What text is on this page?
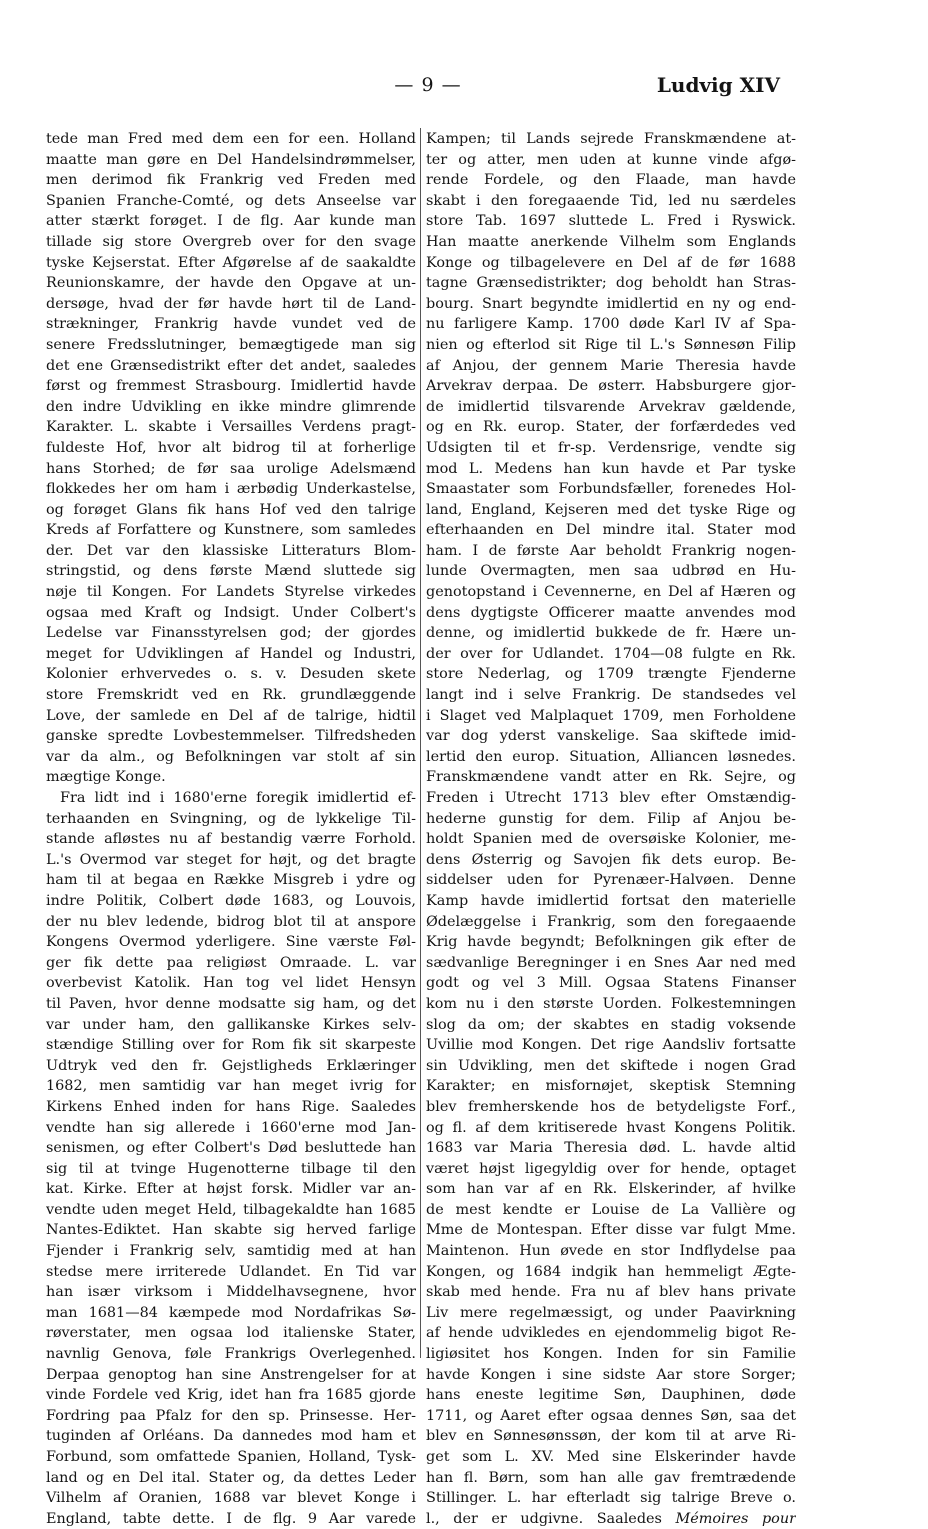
— 9 —	Ludvig XIV
tede man Fred med dem een for een. Holland
maatte man gøre en Del Handelsindrømmelser,
men derimod fik Frankrig ved Freden med
Spanien Franche-Comté, og dets Anseelse var
atter stærkt forøget. I de flg. Aar kunde man
tillade sig store Overgreb over for den svage
tyske Kejserstat. Efter Afgørelse af de saakaldte
Reunionskamre, der havde den Opgave at un-
dersøge, hvad der før havde hørt til de Land-
strækninger, Frankrig havde vundet ved de
senere Fredsslutninger, bemægtigede man sig
det ene Grænsedistrikt efter det andet, saaledes
først og fremmest Strasbourg. Imidlertid havde
den indre Udvikling en ikke mindre glimrende
Karakter. L. skabte i Versailles Verdens pragt-
fuldeste Hof, hvor alt bidrog til at forherlige
hans Storhed; de før saa urolige Adelsmænd
flokkedes her om ham i ærbødig Underkastelse,
og forøget Glans fik hans Hof ved den talrige
Kreds af Forfattere og Kunstnere, som samledes
der. Det var den klassiske Litteraturs Blom-
stringstid, og dens første Mænd sluttede sig
nøje til Kongen. For Landets Styrelse virkedes
ogsaa med Kraft og Indsigt. Under Colbert's
Ledelse var Finansstyrelsen god; der gjordes
meget for Udviklingen af Handel og Industri,
Kolonier erhvervedes o. s. v. Desuden skete
store Fremskridt ved en Rk. grundlæggende
Love, der samlede en Del af de talrige, hidtil
ganske spredte Lovbestemmelser. Tilfredsheden
var da alm., og Befolkningen var stolt af sin
mægtige Konge.
Fra lidt ind i 1680'erne foregik imidlertid ef-
terhaanden en Svingning, og de lykkelige Til-
stande afløstes nu af bestandig værre Forhold.
L.'s Overmod var steget for højt, og det bragte
ham til at begaa en Række Misgreb i ydre og
indre Politik, Colbert døde 1683, og Louvois,
der nu blev ledende, bidrog blot til at anspore
Kongens Overmod yderligere. Sine værste Føl-
ger fik dette paa religiøst Omraade. L. var
overbevist Katolik. Han tog vel lidet Hensyn
til Paven, hvor denne modsatte sig ham, og det
var under ham, den gallikanske Kirkes selv-
stændige Stilling over for Rom fik sit skarpeste
Udtryk ved den fr. Gejstligheds Erklæringer
1682, men samtidig var han meget ivrig for
Kirkens Enhed inden for hans Rige. Saaledes
vendte han sig allerede i 1660'erne mod Jan-
senismen, og efter Colbert's Død besluttede han
sig til at tvinge Hugenotterne tilbage til den
kat. Kirke. Efter at højst forsk. Midler var an-
vendte uden meget Held, tilbagekaldte han 1685
Nantes-Ediktet. Han skabte sig herved farlige
Fjender i Frankrig selv, samtidig med at han
stedse mere irriterede Udlandet. En Tid var
han især virksom i Middelhavsegnene, hvor
man 1681—84 kæmpede mod Nordafrikas Sø-
røverstater, men ogsaa lod italienske Stater,
navnlig Genova, føle Frankrigs Overlegenhed.
Derpaa genoptog han sine Anstrengelser for at
vinde Fordele ved Krig, idet han fra 1685 gjorde
Fordring paa Pfalz for den sp. Prinsesse. Her-
tuginden af Orléans. Da dannedes mod ham et
Forbund, som omfattede Spanien, Holland, Tysk-
land og en Del ital. Stater og, da dettes Leder
Vilhelm af Oranien, 1688 var blevet Konge i
England, tabte dette. I de flg. 9 Aar varede
Kampen; til Lands sejrede Franskmændene at-
ter og atter, men uden at kunne vinde afgø-
rende Fordele, og den Flaade, man havde
skabt i den foregaaende Tid, led nu særdeles
store Tab. 1697 sluttede L. Fred i Ryswick.
Han maatte anerkende Vilhelm som Englands
Konge og tilbagelevere en Del af de før 1688
tagne Grænsedistrikter; dog beholdt han Stras-
bourg. Snart begyndte imidlertid en ny og end-
nu farligere Kamp. 1700 døde Karl IV af Spa-
nien og efterlod sit Rige til L.'s Sønnesøn Filip
af Anjou, der gennem Marie Theresia havde
Arvekrav derpaa. De østerr. Habsburgere gjor-
de imidlertid tilsvarende Arvekrav gældende,
og en Rk. europ. Stater, der forfærdedes ved
Udsigten til et fr-sp. Verdensrige, vendte sig
mod L. Medens han kun havde et Par tyske
Smaastater som Forbundsfæller, forenedes Hol-
land, England, Kejseren med det tyske Rige og
efterhaanden en Del mindre ital. Stater mod
ham. I de første Aar beholdt Frankrig nogen-
lunde Overmagten, men saa udbrød en Hu-
genotopstand i Cevennerne, en Del af Hæren og
dens dygtigste Officerer maatte anvendes mod
denne, og imidlertid bukkede de fr. Hære un-
der over for Udlandet. 1704—08 fulgte en Rk.
store Nederlag, og 1709 trængte Fjenderne
langt ind i selve Frankrig. De standsedes vel
i Slaget ved Malplaquet 1709, men Forholdene
var dog yderst vanskelige. Saa skiftede imid-
lertid den europ. Situation, Alliancen løsnedes.
Franskmændene vandt atter en Rk. Sejre, og
Freden i Utrecht 1713 blev efter Omstændig-
hederne gunstig for dem. Filip af Anjou be-
holdt Spanien med de oversøiske Kolonier, me-
dens Østerrig og Savojen fik dets europ. Be-
siddelser uden for Pyrenæer-Halvøen. Denne
Kamp havde imidlertid fortsat den materielle
Ødelæggelse i Frankrig, som den foregaaende
Krig havde begyndt; Befolkningen gik efter de
sædvanlige Beregninger i en Snes Aar ned med
godt og vel 3 Mill. Ogsaa Statens Finanser
kom nu i den største Uorden. Folkestemningen
slog da om; der skabtes en stadig voksende
Uvillie mod Kongen. Det rige Aandsliv fortsatte
sin Udvikling, men det skiftede i nogen Grad
Karakter; en misfornøjet, skeptisk Stemning
blev fremherskende hos de betydeligste Forf.,
og fl. af dem kritiserede hvast Kongens Politik.
1683 var Maria Theresia død. L. havde altid
været højst ligegyldig over for hende, optaget
som han var af en Rk. Elskerinder, af hvilke
de mest kendte er Louise de La Vallière og
Mme de Montespan. Efter disse var fulgt Mme.
Maintenon. Hun øvede en stor Indflydelse paa
Kongen, og 1684 indgik han hemmeligt Ægte-
skab med hende. Fra nu af blev hans private
Liv mere regelmæssigt, og under Paavirkning
af hende udvikledes en ejendommelig bigot Re-
ligiøsitet hos Kongen. Inden for sin Familie
havde Kongen i sine sidste Aar store Sorger;
hans eneste legitime Søn, Dauphinen, døde
1711, og Aaret efter ogsaa dennes Søn, saa det
blev en Sønnesønssøn, der kom til at arve Ri-
get som L. XV. Med sine Elskerinder havde
han fl. Børn, som han alle gav fremtrædende
Stillinger. L. har efterladt sig talrige Breve o.
l., der er udgivne. Saaledes Mémoires pour
